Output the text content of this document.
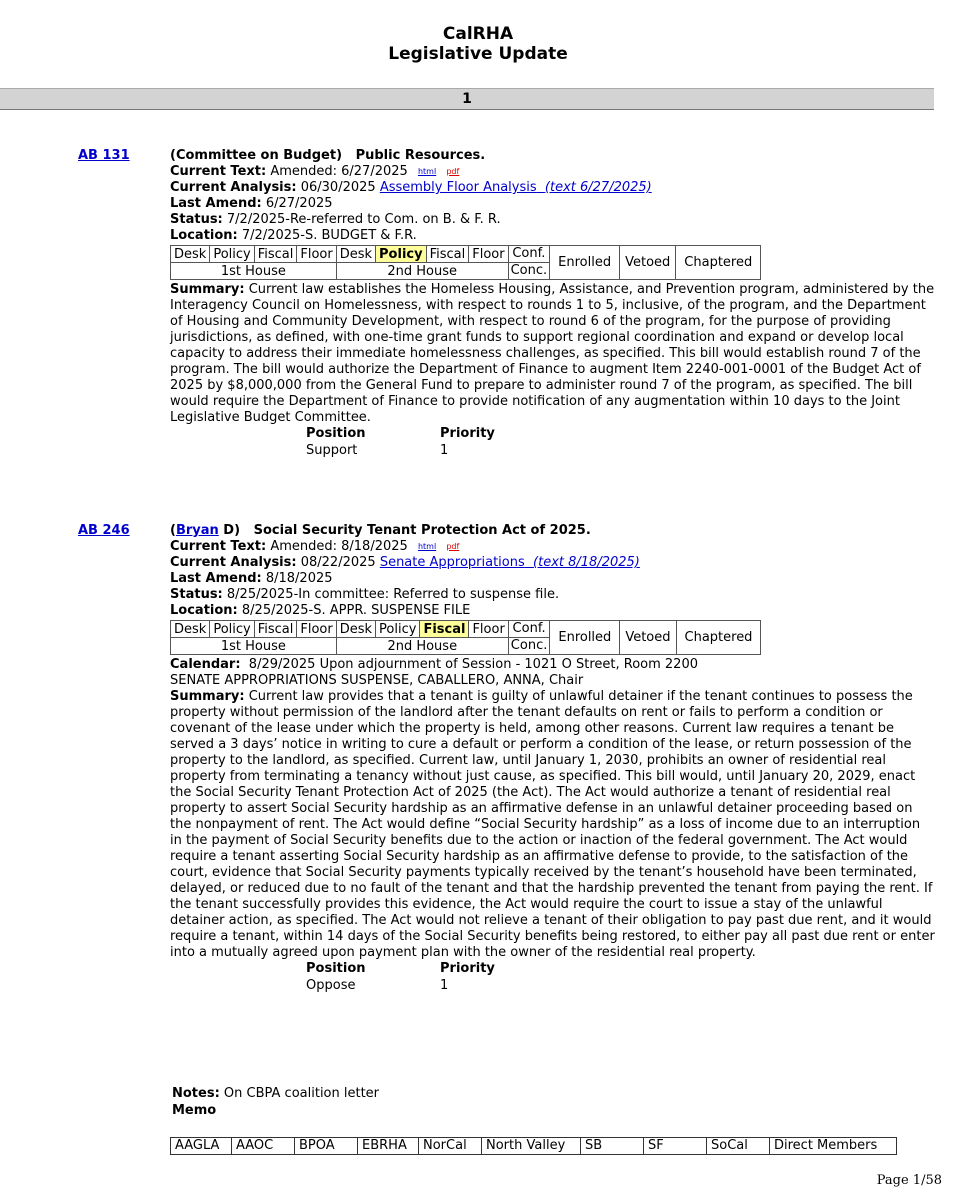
CalRHA
Legislative Update
1
AB 131	(Committee on Budget) Public Resources.
Current Text: Amended: 6/27/2025 $^{html}$ $^{pdf}$
Current Analysis: 06/30/2025 Assembly Floor Analysis (text 6/27/2025)
Last Amend: 6/27/2025
Status: 7/2/2025-Re-referred to Com. on B. & F. R.
Location: 7/2/2025-S. BUDGET & F.R.
Desk	Policy	Fiscal	Floor	Desk	Policy	Fiscal	Floor	Conf.	Enrolled	Vetoed	Chaptered
1st House				2nd House				Conc.			
Summary: Current law establishes the Homeless Housing, Assistance, and Prevention program, administered by the Interagency Council on Homelessness, with respect to rounds 1 to 5, inclusive, of the program, and the Department of Housing and Community Development, with respect to round 6 of the program, for the purpose of providing jurisdictions, as defined, with one-time grant funds to support regional coordination and expand or develop local capacity to address their immediate homelessness challenges, as specified. This bill would establish round 7 of the program. The bill would authorize the Department of Finance to augment Item 2240-001-0001 of the Budget Act of 2025 by $8,000,000 from the General Fund to prepare to administer round 7 of the program, as specified. The bill would require the Department of Finance to provide notification of any augmentation within 10 days to the Joint Legislative Budget Committee.
Position	Priority
Support	1
AB 246	(Bryan D) Social Security Tenant Protection Act of 2025.
Current Text: Amended: 8/18/2025 $^{html}$ $^{pdf}$
Current Analysis: 08/22/2025 Senate Appropriations (text 8/18/2025)
Last Amend: 8/18/2025
Status: 8/25/2025-In committee: Referred to suspense file.
Location: 8/25/2025-S. APPR. SUSPENSE FILE
Desk	Policy	Fiscal	Floor	Desk	Policy	Fiscal	Floor	Conf.	Enrolled	Vetoed	Chaptered
1st House				2nd House				Conc.			
Calendar: 8/29/2025 Upon adjournment of Session - 1021 O Street, Room 2200
SENATE APPROPRIATIONS SUSPENSE, CABALLERO, ANNA, Chair
Summary: Current law provides that a tenant is guilty of unlawful detainer if the tenant continues to possess the property without permission of the landlord after the tenant defaults on rent or fails to perform a condition or covenant of the lease under which the property is held, among other reasons. Current law requires a tenant be served a 3 days’ notice in writing to cure a default or perform a condition of the lease, or return possession of the property to the landlord, as specified. Current law, until January 1, 2030, prohibits an owner of residential real property from terminating a tenancy without just cause, as specified. This bill would, until January 20, 2029, enact the Social Security Tenant Protection Act of 2025 (the Act). The Act would authorize a tenant of residential real property to assert Social Security hardship as an affirmative defense in an unlawful detainer proceeding based on the nonpayment of rent. The Act would define “Social Security hardship” as a loss of income due to an interruption in the payment of Social Security benefits due to the action or inaction of the federal government. The Act would require a tenant asserting Social Security hardship as an affirmative defense to provide, to the satisfaction of the court, evidence that Social Security payments typically received by the tenant’s household have been terminated, delayed, or reduced due to no fault of the tenant and that the hardship prevented the tenant from paying the rent. If the tenant successfully provides this evidence, the Act would require the court to issue a stay of the unlawful detainer action, as specified. The Act would not relieve a tenant of their obligation to pay past due rent, and it would require a tenant, within 14 days of the Social Security benefits being restored, to either pay all past due rent or enter into a mutually agreed upon payment plan with the owner of the residential real property.
Position	Priority
Oppose	1
Notes: On CBPA coalition letter
Memo
AAGLA	AAOC	BPOA	EBRHA	NorCal	North Valley	SB	SF	SoCal	Direct Members
Page 1/58
